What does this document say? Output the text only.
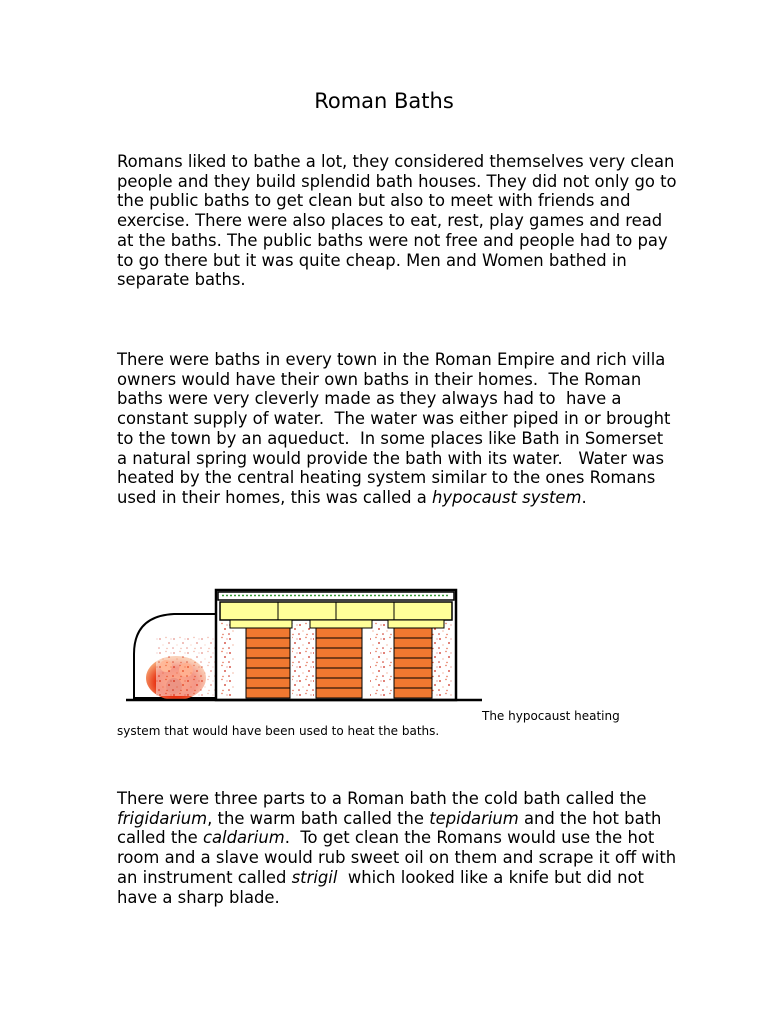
Roman Baths

Romans liked to bathe a lot, they considered themselves very clean people and they build splendid bath houses. They did not only go to the public baths to get clean but also to meet with friends and exercise. There were also places to eat, rest, play games and read at the baths. The public baths were not free and people had to pay to go there but it was quite cheap. Men and Women bathed in separate baths.

There were baths in every town in the Roman Empire and rich villa owners would have their own baths in their homes.  The Roman baths were very cleverly made as they always had to  have a constant supply of water.  The water was either piped in or brought to the town by an aqueduct.  In some places like Bath in Somerset a natural spring would provide the bath with its water.   Water was heated by the central heating system similar to the ones Romans used in their homes, this was called a hypocaust system.

The hypocaust heating
system that would have been used to heat the baths.

There were three parts to a Roman bath the cold bath called the frigidarium, the warm bath called the tepidarium and the hot bath called the caldarium.  To get clean the Romans would use the hot room and a slave would rub sweet oil on them and scrape it off with an instrument called strigil  which looked like a knife but did not have a sharp blade.
